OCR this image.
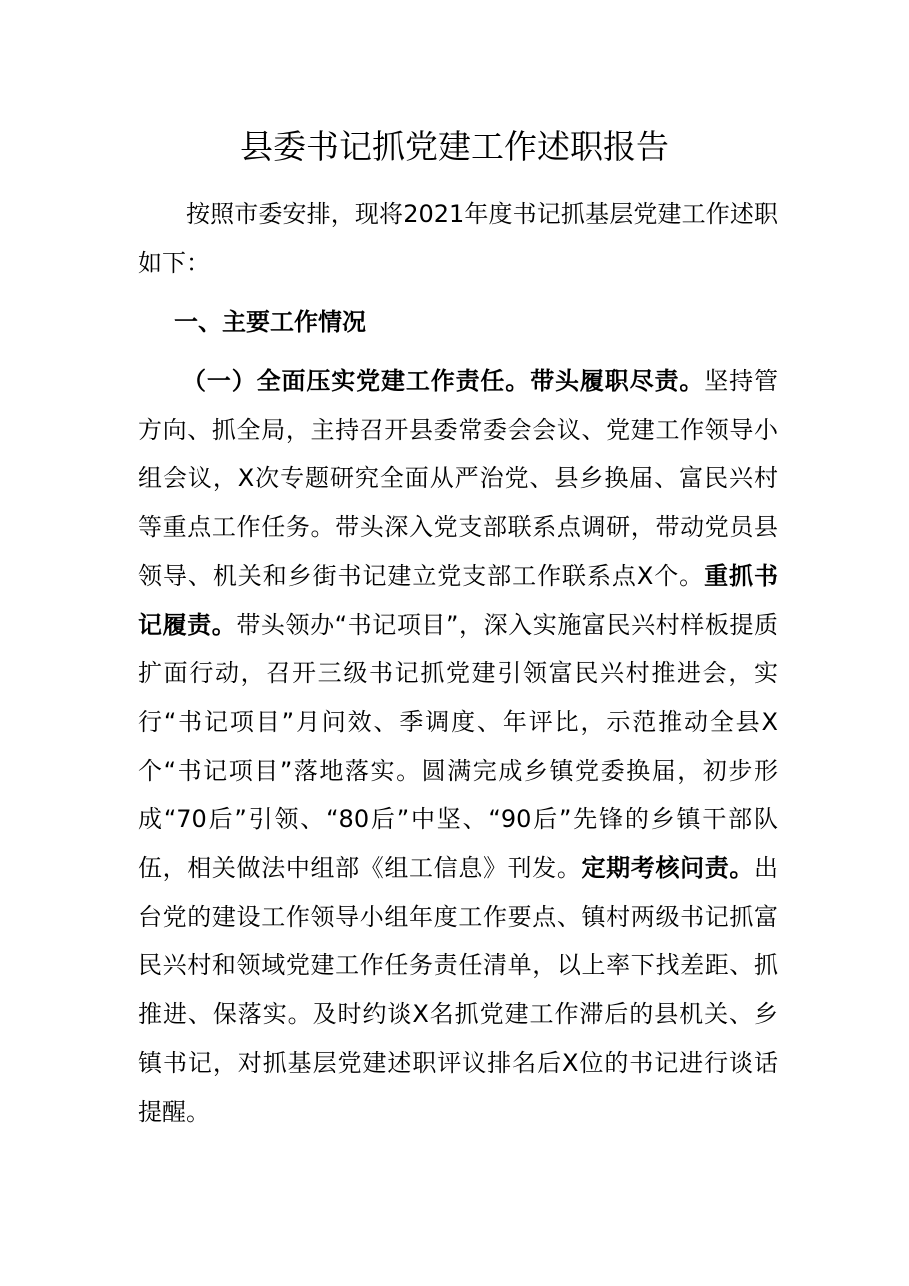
县委书记抓党建工作述职报告

按照市委安排，现将2021年度书记抓基层党建工作述职如下：

一、主要工作情况

（一）全面压实党建工作责任。带头履职尽责。坚持管方向、抓全局，主持召开县委常委会会议、党建工作领导小组会议，X次专题研究全面从严治党、县乡换届、富民兴村等重点工作任务。带头深入党支部联系点调研，带动党员县领导、机关和乡街书记建立党支部工作联系点X个。重抓书记履责。带头领办“书记项目”，深入实施富民兴村样板提质扩面行动，召开三级书记抓党建引领富民兴村推进会，实行“书记项目”月问效、季调度、年评比，示范推动全县X个“书记项目”落地落实。圆满完成乡镇党委换届，初步形成“70后”引领、“80后”中坚、“90后”先锋的乡镇干部队伍，相关做法中组部《组工信息》刊发。定期考核问责。出台党的建设工作领导小组年度工作要点、镇村两级书记抓富民兴村和领域党建工作任务责任清单，以上率下找差距、抓推进、保落实。及时约谈X名抓党建工作滞后的县机关、乡镇书记，对抓基层党建述职评议排名后X位的书记进行谈话提醒。
